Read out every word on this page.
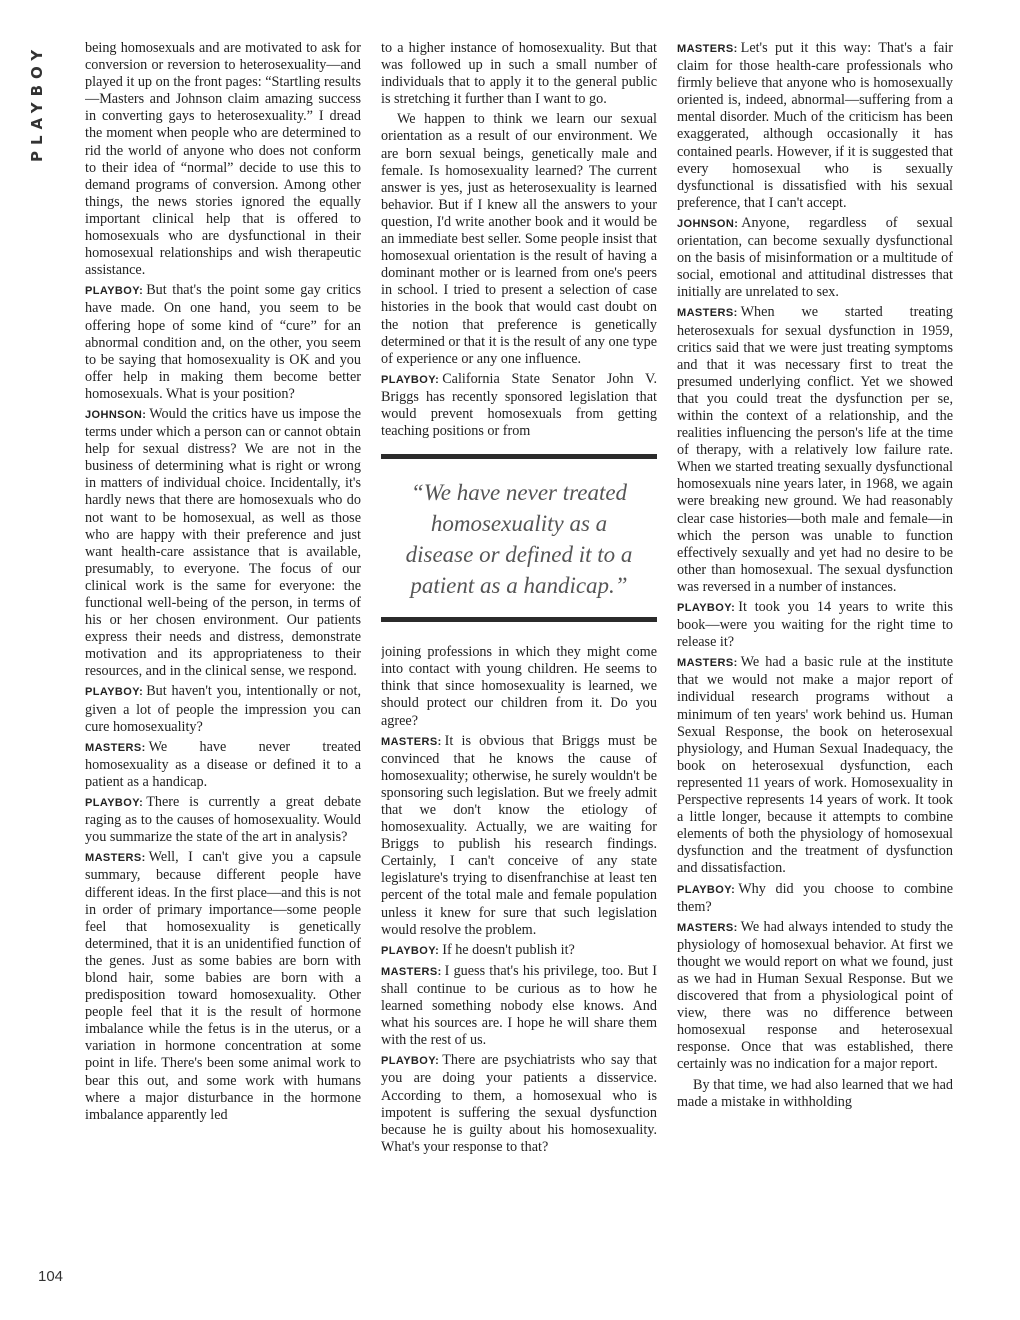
PLAYBOY
104

being homosexuals and are motivated to ask for conversion or reversion to heterosexuality—and played it up on the front pages: “Startling results—Masters and Johnson claim amazing success in converting gays to heterosexuality.” I dread the moment when people who are determined to rid the world of anyone who does not conform to their idea of “normal” decide to use this to demand programs of conversion. Among other things, the news stories ignored the equally important clinical help that is offered to homosexuals who are dysfunctional in their homosexual relationships and wish therapeutic assistance.

PLAYBOY: But that's the point some gay critics have made. On one hand, you seem to be offering hope of some kind of “cure” for an abnormal condition and, on the other, you seem to be saying that homosexuality is OK and you offer help in making them become better homosexuals. What is your position?

JOHNSON: Would the critics have us impose the terms under which a person can or cannot obtain help for sexual distress? We are not in the business of determining what is right or wrong in matters of individual choice. Incidentally, it's hardly news that there are homosexuals who do not want to be homosexual, as well as those who are happy with their preference and just want health-care assistance that is available, presumably, to everyone. The focus of our clinical work is the same for everyone: the functional well-being of the person, in terms of his or her chosen environment. Our patients express their needs and distress, demonstrate motivation and its appropriateness to their resources, and in the clinical sense, we respond.

PLAYBOY: But haven't you, intentionally or not, given a lot of people the impression you can cure homosexuality?

MASTERS: We have never treated homosexuality as a disease or defined it to a patient as a handicap.

PLAYBOY: There is currently a great debate raging as to the causes of homosexuality. Would you summarize the state of the art in analysis?

MASTERS: Well, I can't give you a capsule summary, because different people have different ideas. In the first place—and this is not in order of primary importance—some people feel that homosexuality is genetically determined, that it is an unidentified function of the genes. Just as some babies are born with blond hair, some babies are born with a predisposition toward homosexuality. Other people feel that it is the result of hormone imbalance while the fetus is in the uterus, or a variation in hormone concentration at some point in life. There's been some animal work to bear this out, and some work with humans where a major disturbance in the hormone imbalance apparently led

to a higher instance of homosexuality. But that was followed up in such a small number of individuals that to apply it to the general public is stretching it further than I want to go.

We happen to think we learn our sexual orientation as a result of our environment. We are born sexual beings, genetically male and female. Is homosexuality learned? The current answer is yes, just as heterosexuality is learned behavior. But if I knew all the answers to your question, I'd write another book and it would be an immediate best seller. Some people insist that homosexual orientation is the result of having a dominant mother or is learned from one's peers in school. I tried to present a selection of case histories in the book that would cast doubt on the notion that preference is genetically determined or that it is the result of any one type of experience or any one influence.

PLAYBOY: California State Senator John V. Briggs has recently sponsored legislation that would prevent homosexuals from getting teaching positions or from

“We have never treated homosexuality as a disease or defined it to a patient as a handicap.”

joining professions in which they might come into contact with young children. He seems to think that since homosexuality is learned, we should protect our children from it. Do you agree?

MASTERS: It is obvious that Briggs must be convinced that he knows the cause of homosexuality; otherwise, he surely wouldn't be sponsoring such legislation. But we freely admit that we don't know the etiology of homosexuality. Actually, we are waiting for Briggs to publish his research findings. Certainly, I can't conceive of any state legislature's trying to disenfranchise at least ten percent of the total male and female population unless it knew for sure that such legislation would resolve the problem.

PLAYBOY: If he doesn't publish it?

MASTERS: I guess that's his privilege, too. But I shall continue to be curious as to how he learned something nobody else knows. And what his sources are. I hope he will share them with the rest of us.

PLAYBOY: There are psychiatrists who say that you are doing your patients a disservice. According to them, a homosexual who is impotent is suffering the sexual dysfunction because he is guilty about his homosexuality. What's your response to that?

MASTERS: Let's put it this way: That's a fair claim for those health-care professionals who firmly believe that anyone who is homosexually oriented is, indeed, abnormal—suffering from a mental disorder. Much of the criticism has been exaggerated, although occasionally it has contained pearls. However, if it is suggested that every homosexual who is sexually dysfunctional is dissatisfied with his sexual preference, that I can't accept.

JOHNSON: Anyone, regardless of sexual orientation, can become sexually dysfunctional on the basis of misinformation or a multitude of social, emotional and attitudinal distresses that initially are unrelated to sex.

MASTERS: When we started treating heterosexuals for sexual dysfunction in 1959, critics said that we were just treating symptoms and that it was necessary first to treat the presumed underlying conflict. Yet we showed that you could treat the dysfunction per se, within the context of a relationship, and the realities influencing the person's life at the time of therapy, with a relatively low failure rate. When we started treating sexually dysfunctional homosexuals nine years later, in 1968, we again were breaking new ground. We had reasonably clear case histories—both male and female—in which the person was unable to function effectively sexually and yet had no desire to be other than homosexual. The sexual dysfunction was reversed in a number of instances.

PLAYBOY: It took you 14 years to write this book—were you waiting for the right time to release it?

MASTERS: We had a basic rule at the institute that we would not make a major report of individual research programs without a minimum of ten years' work behind us. Human Sexual Response, the book on heterosexual physiology, and Human Sexual Inadequacy, the book on heterosexual dysfunction, each represented 11 years of work. Homosexuality in Perspective represents 14 years of work. It took a little longer, because it attempts to combine elements of both the physiology of homosexual dysfunction and the treatment of dysfunction and dissatisfaction.

PLAYBOY: Why did you choose to combine them?

MASTERS: We had always intended to study the physiology of homosexual behavior. At first we thought we would report on what we found, just as we had in Human Sexual Response. But we discovered that from a physiological point of view, there was no difference between homosexual response and heterosexual response. Once that was established, there certainly was no indication for a major report.

By that time, we had also learned that we had made a mistake in withholding
